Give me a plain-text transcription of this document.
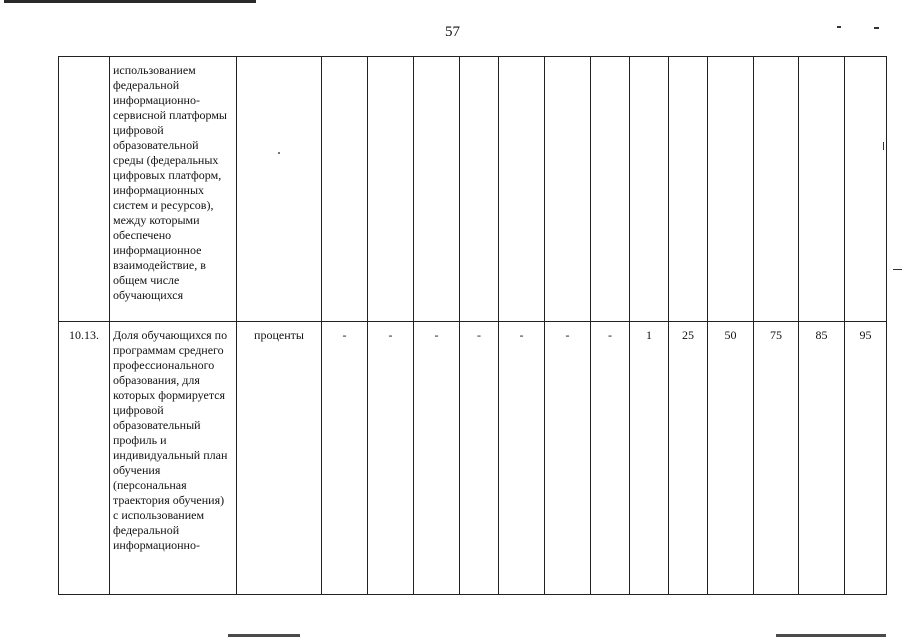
57
	использованием федеральной информационно-сервисной платформы цифровой образовательной среды (федеральных цифровых платформ, информационных систем и ресурсов), между которыми обеспечено информационное взаимодействие, в общем числе обучающихся	

10.13.	Доля обучающихся по программам среднего профессионального образования, для которых формируется цифровой образовательный профиль и индивидуальный план обучения (персональная траектория обучения) с использованием федеральной информационно-	проценты	-	-	-	-	-	-	-	1	25	50	75	85	95
